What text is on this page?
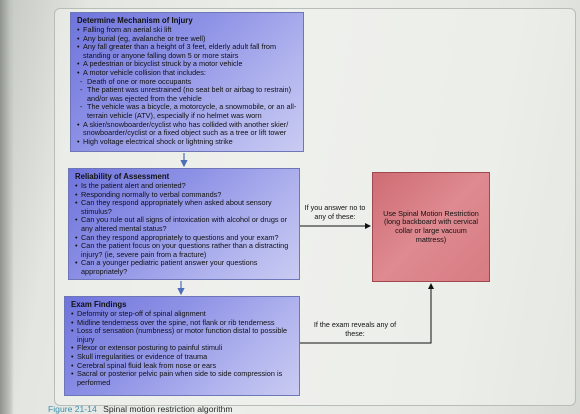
Determine Mechanism of Injury
• Falling from an aerial ski lift
• Any burial (eg, avalanche or tree well)
• Any fall greater than a height of 3 feet, elderly adult fall from standing or anyone falling down 5 or more stairs
• A pedestrian or bicyclist struck by a motor vehicle
• A motor vehicle collision that includes:
- Death of one or more occupants
- The patient was unrestrained (no seat belt or airbag to restrain) and/or was ejected from the vehicle
- The vehicle was a bicycle, a motorcycle, a snowmobile, or an all-terrain vehicle (ATV), especially if no helmet was worn
• A skier/snowboarder/cyclist who has collided with another skier/ snowboarder/cyclist or a fixed object such as a tree or lift tower
• High voltage electrical shock or lightning strike
Reliability of Assessment
• Is the patient alert and oriented?
• Responding normally to verbal commands?
• Can they respond appropriately when asked about sensory stimulus?
• Can you rule out all signs of intoxication with alcohol or drugs or any altered mental status?
• Can they respond appropriately to questions and your exam?
• Can the patient focus on your questions rather than a distracting injury? (ie, severe pain from a fracture)
• Can a younger pediatric patient answer your questions appropriately?
Exam Findings
• Deformity or step-off of spinal alignment
• Midline tenderness over the spine, not flank or rib tenderness
• Loss of sensation (numbness) or motor function distal to possible injury
• Flexor or extensor posturing to painful stimuli
• Skull irregularities or evidence of trauma
• Cerebral spinal fluid leak from nose or ears
• Sacral or posterior pelvic pain when side to side compression is performed
Use Spinal Motion Restriction (long backboard with cervical collar or large vacuum mattress)
If you answer no to any of these:
If the exam reveals any of these:
Figure 21-14 Spinal motion restriction algorithm
